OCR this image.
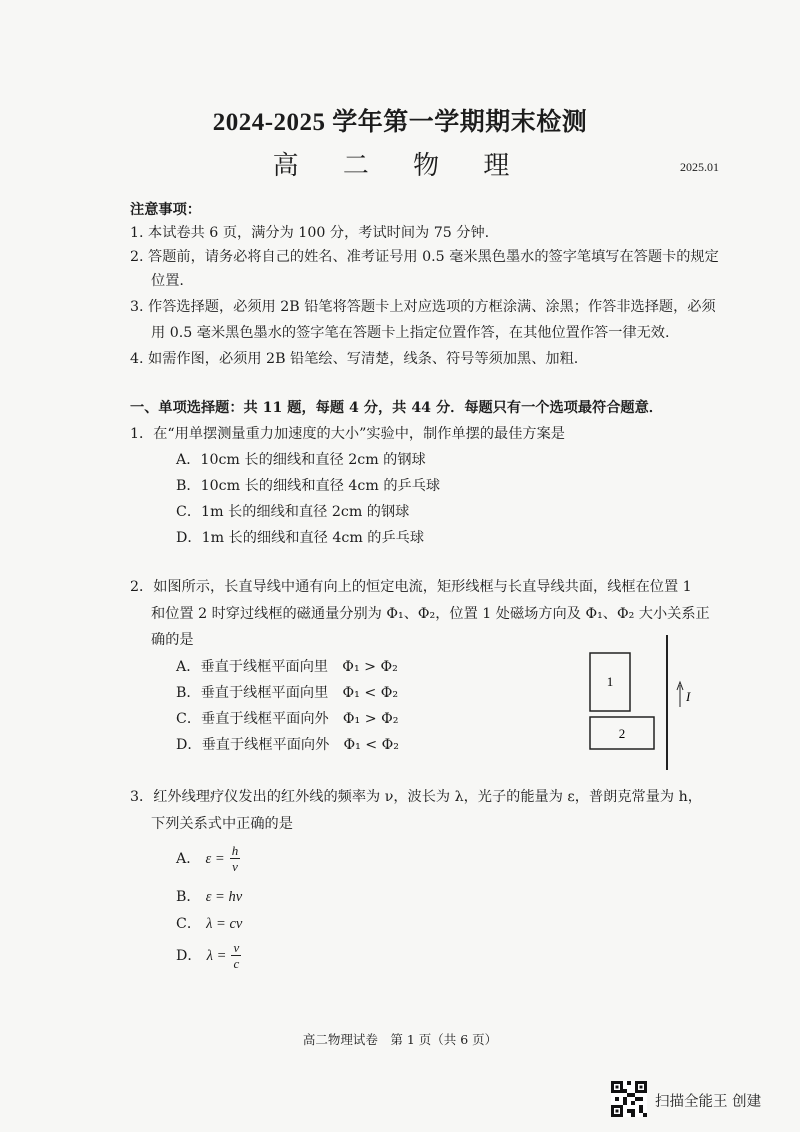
2024-2025 学年第一学期期末检测
高 二 物 理	2025.01
注意事项：
1. 本试卷共 6 页，满分为 100 分，考试时间为 75 分钟.
2. 答题前，请务必将自己的姓名、准考证号用 0.5 毫米黑色墨水的签字笔填写在答题卡的规定
位置.
3. 作答选择题，必须用 2B 铅笔将答题卡上对应选项的方框涂满、涂黑；作答非选择题，必须
用 0.5 毫米黑色墨水的签字笔在答题卡上指定位置作答，在其他位置作答一律无效.
4. 如需作图，必须用 2B 铅笔绘、写清楚，线条、符号等须加黑、加粗.
一、单项选择题：共 11 题，每题 4 分，共 44 分．每题只有一个选项最符合题意．
1．在“用单摆测量重力加速度的大小”实验中，制作单摆的最佳方案是
A．10cm 长的细线和直径 2cm 的钢球
B．10cm 长的细线和直径 4cm 的乒乓球
C．1m 长的细线和直径 2cm 的钢球
D．1m 长的细线和直径 4cm 的乒乓球
2．如图所示，长直导线中通有向上的恒定电流，矩形线框与长直导线共面，线框在位置 1
和位置 2 时穿过线框的磁通量分别为 Φ₁、Φ₂，位置 1 处磁场方向及 Φ₁、Φ₂ 大小关系正
确的是
A．垂直于线框平面向里　Φ₁ > Φ₂
B．垂直于线框平面向里　Φ₁ < Φ₂
C．垂直于线框平面向外　Φ₁ > Φ₂
D．垂直于线框平面向外　Φ₁ < Φ₂
1
2
I
3．红外线理疗仪发出的红外线的频率为 ν，波长为 λ，光子的能量为 ε，普朗克常量为 h，
下列关系式中正确的是
A． $\varepsilon = \frac{h}{\nu}$
B． ε = hν
C． λ = cν
D． $\lambda = \frac{\nu}{c}$
高二物理试卷　第 1 页（共 6 页）
扫描全能王 创建
